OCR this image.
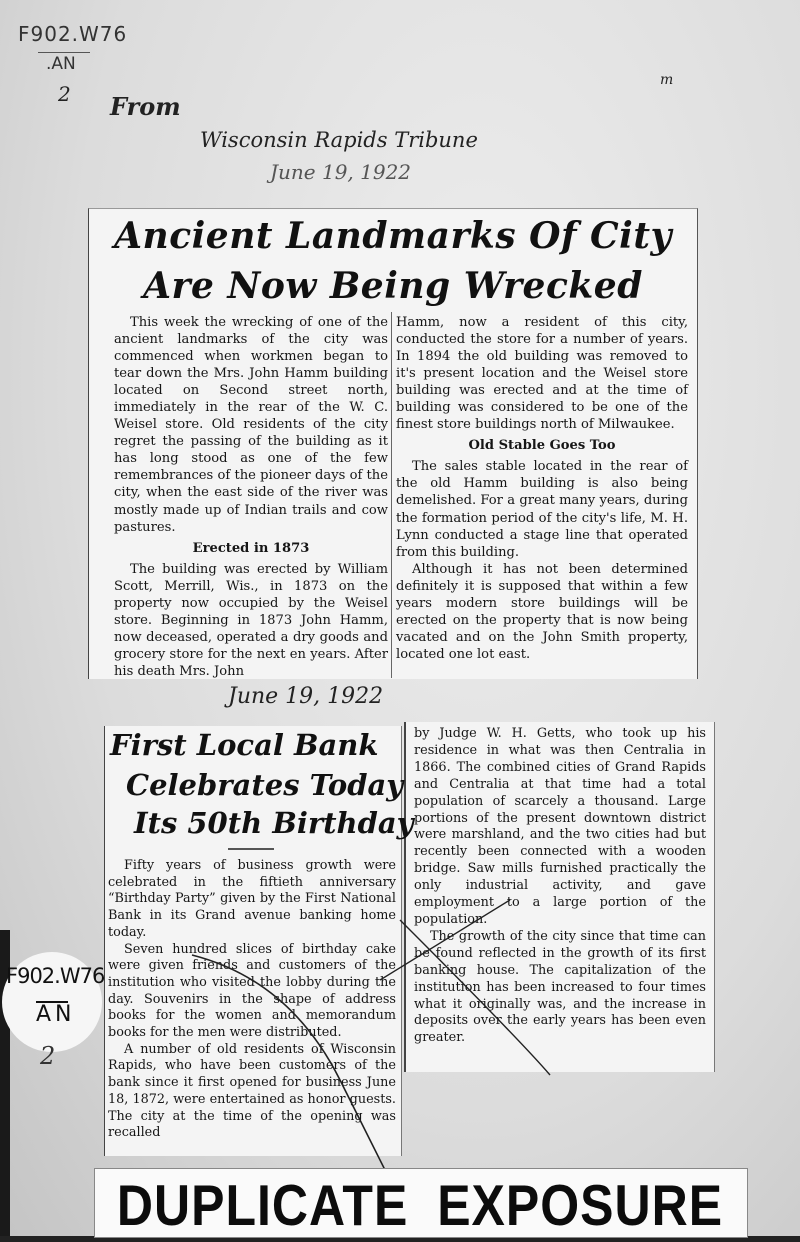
F902.W76
.AN
2 From
Wisconsin Rapids Tribune
June 19, 1922
m
Ancient Landmarks Of City
Are Now Being Wrecked

This week the wrecking of one of the ancient landmarks of the city was commenced when workmen began to tear down the Mrs. John Hamm building located on Second street north, immediately in the rear of the W. C. Weisel store. Old residents of the city regret the passing of the building as it has long stood as one of the few remembrances of the pioneer days of the city, when the east side of the river was mostly made up of Indian trails and cow pastures.

Erected in 1873

The building was erected by William Scott, Merrill, Wis., in 1873 on the property now occupied by the Weisel store. Beginning in 1873 John Hamm, now deceased, operated a dry goods and grocery store for the next en years. After his death Mrs. John

Hamm, now a resident of this city, conducted the store for a number of years. In 1894 the old building was removed to it's present location and the Weisel store building was erected and at the time of building was considered to be one of the finest store buildings north of Milwaukee.

Old Stable Goes Too

The sales stable located in the rear of the old Hamm building is also being demelished. For a great many years, during the formation period of the city's life, M. H. Lynn conducted a stage line that operated from this building.

Although it has not been determined definitely it is supposed that within a few years modern store buildings will be erected on the property that is now being vacated and on the John Smith property, located one lot east.

June 19, 1922
First Local Bank
Celebrates Today
Its 50th Birthday

Fifty years of business growth were celebrated in the fiftieth anniversary “Birthday Party” given by the First National Bank in its Grand avenue banking home today.

Seven hundred slices of birthday cake were given friends and customers of the institution who visited the lobby during the day. Souvenirs in the shape of address books for the women and memorandum books for the men were distributed.

A number of old residents of Wisconsin Rapids, who have been customers of the bank since it first opened for business June 18, 1872, were entertained as honor guests. The city at the time of the opening was recalled

by Judge W. H. Getts, who took up his residence in what was then Centralia in 1866. The combined cities of Grand Rapids and Centralia at that time had a total population of scarcely a thousand. Large portions of the present downtown district were marshland, and the two cities had but recently been connected with a wooden bridge. Saw mills furnished practically the only industrial activity, and gave employment to a large portion of the population.

The growth of the city since that time can be found reflected in the growth of its first banking house. The capitalization of the institution has been increased to four times what it originally was, and the increase in deposits over the early years has been even greater.

F902.W76
AN
2
DUPLICATE EXPOSURE
